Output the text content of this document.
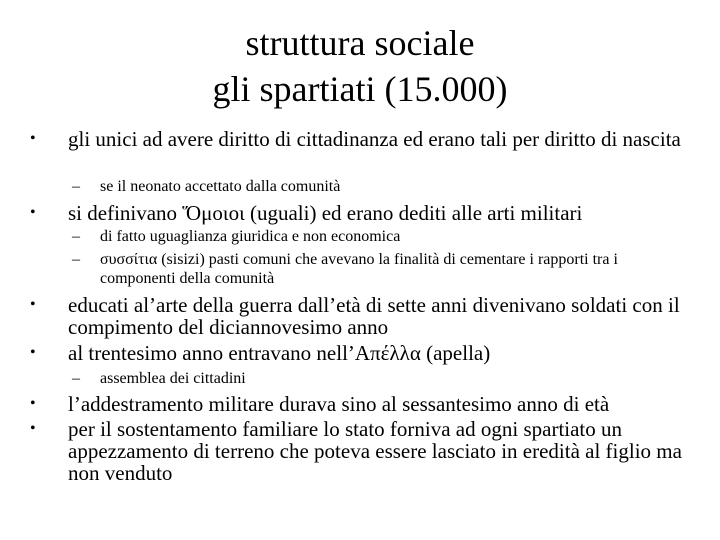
struttura sociale
gli spartiati (15.000)
• gli unici ad avere diritto di cittadinanza ed erano tali per diritto di nascita
– se il neonato accettato dalla comunità
• si definivano Ὅμοιοι (uguali) ed erano dediti alle arti militari
– di fatto uguaglianza giuridica e non economica
– συσσίτια (sisizi) pasti comuni che avevano la finalità di cementare i rapporti tra i componenti della comunità
• educati al’arte della guerra dall’età di sette anni divenivano soldati con il compimento del diciannovesimo anno
• al trentesimo anno entravano nell’Απέλλα (apella)
– assemblea dei cittadini
• l’addestramento militare durava sino al sessantesimo anno di età
• per il sostentamento familiare lo stato forniva ad ogni spartiato un appezzamento di terreno che poteva essere lasciato in eredità al figlio ma non venduto
